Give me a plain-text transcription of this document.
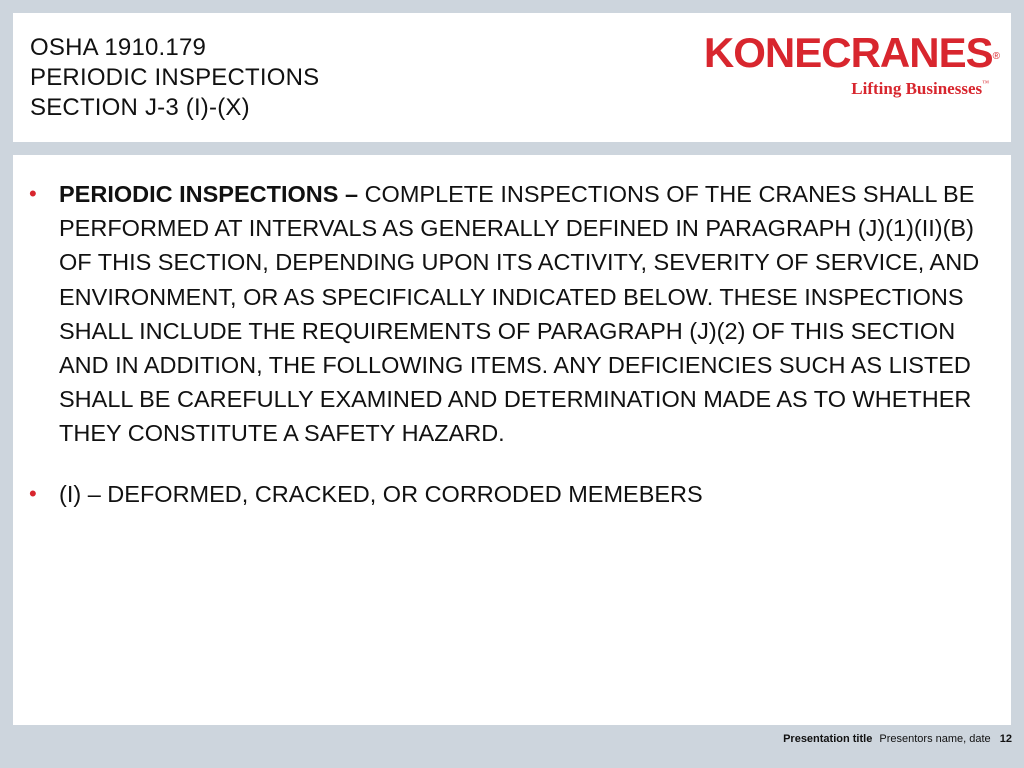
OSHA 1910.179
PERIODIC INSPECTIONS
SECTION J-3 (I)-(X)
KONECRANES®
Lifting Businesses™
• PERIODIC INSPECTIONS – COMPLETE INSPECTIONS OF THE CRANES SHALL BE PERFORMED AT INTERVALS AS GENERALLY DEFINED IN PARAGRAPH (J)(1)(II)(B) OF THIS SECTION, DEPENDING UPON ITS ACTIVITY, SEVERITY OF SERVICE, AND ENVIRONMENT, OR AS SPECIFICALLY INDICATED BELOW. THESE INSPECTIONS SHALL INCLUDE THE REQUIREMENTS OF PARAGRAPH (J)(2) OF THIS SECTION AND IN ADDITION, THE FOLLOWING ITEMS. ANY DEFICIENCIES SUCH AS LISTED SHALL BE CAREFULLY EXAMINED AND DETERMINATION MADE AS TO WHETHER THEY CONSTITUTE A SAFETY HAZARD.
• (I) – DEFORMED, CRACKED, OR CORRODED MEMEBERS
Presentation title Presentors name, date 12
